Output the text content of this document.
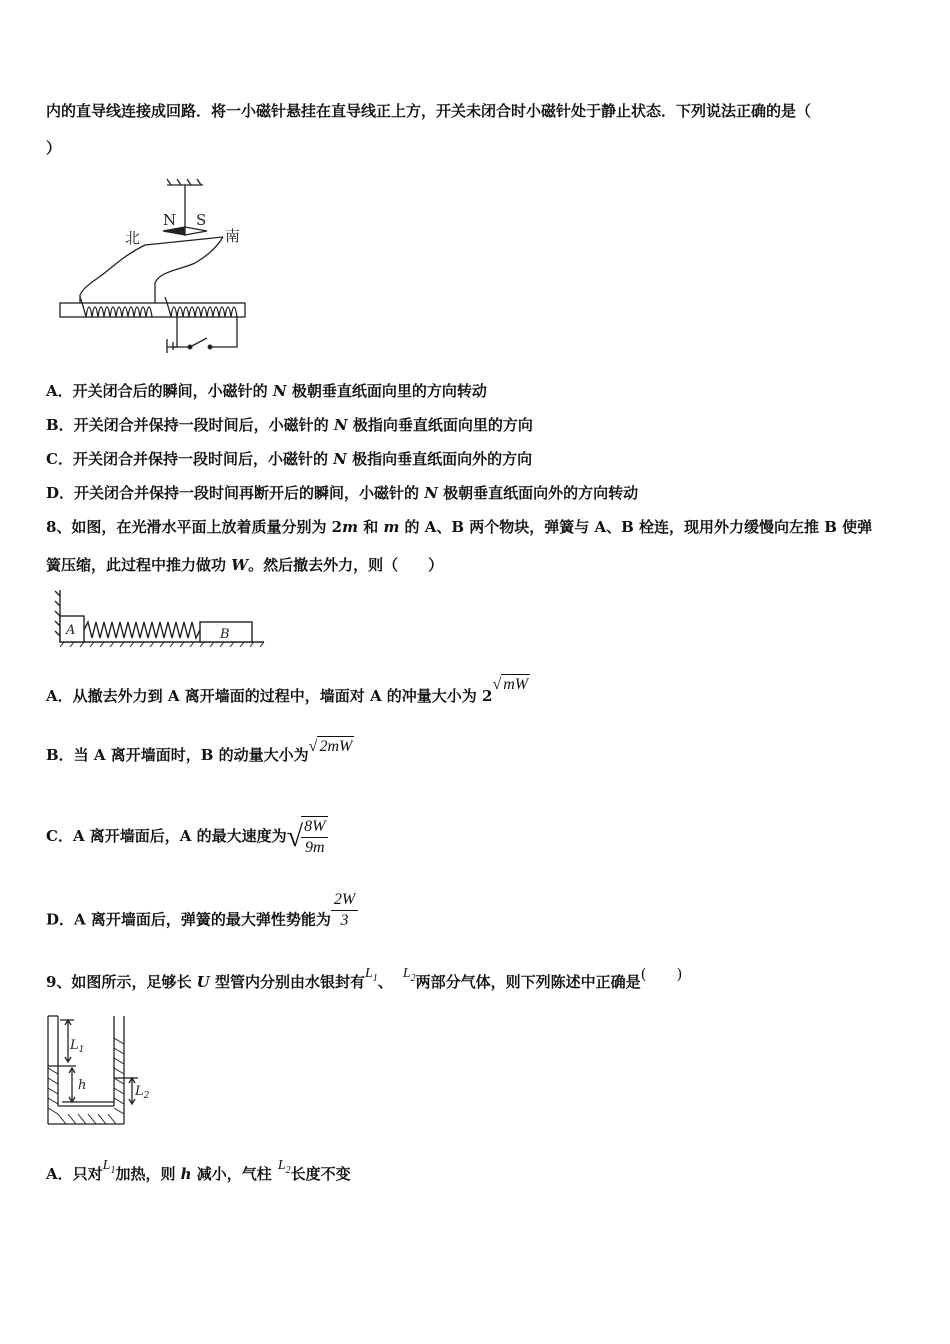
内的直导线连接成回路．将一小磁针悬挂在直导线正上方，开关未闭合时小磁针处于静止状态．下列说法正确的是（
）
N S
北	南
A．开关闭合后的瞬间，小磁针的 N 极朝垂直纸面向里的方向转动
B．开关闭合并保持一段时间后，小磁针的 N 极指向垂直纸面向里的方向
C．开关闭合并保持一段时间后，小磁针的 N 极指向垂直纸面向外的方向
D．开关闭合并保持一段时间再断开后的瞬间，小磁针的 N 极朝垂直纸面向外的方向转动
8、如图，在光滑水平面上放着质量分别为 2m 和 m 的 A、B 两个物块，弹簧与 A、B 栓连，现用外力缓慢向左推 B 使弹
簧压缩，此过程中推力做功 W。然后撤去外力，则（　　）
A	B
A．从撤去外力到 A 离开墙面的过程中，墙面对 A 的冲量大小为 2√ mW
B．当 A 离开墙面时，B 的动量大小为√ 2mW
C．A 离开墙面后，A 的最大速度为√
$\frac{8W}{9m}$
D．A 离开墙面后，弹簧的最大弹性势能为 $\frac{2W}{3}$
9、如图所示，足够长 U 型管内分别由水银封有$L_1$、 $L_2$两部分气体，则下列陈述中正确是(　　)
$L_1$
h	$L_2$
A．只对$L_1$加热，则 h 减小，气柱 $L_2$长度不变
